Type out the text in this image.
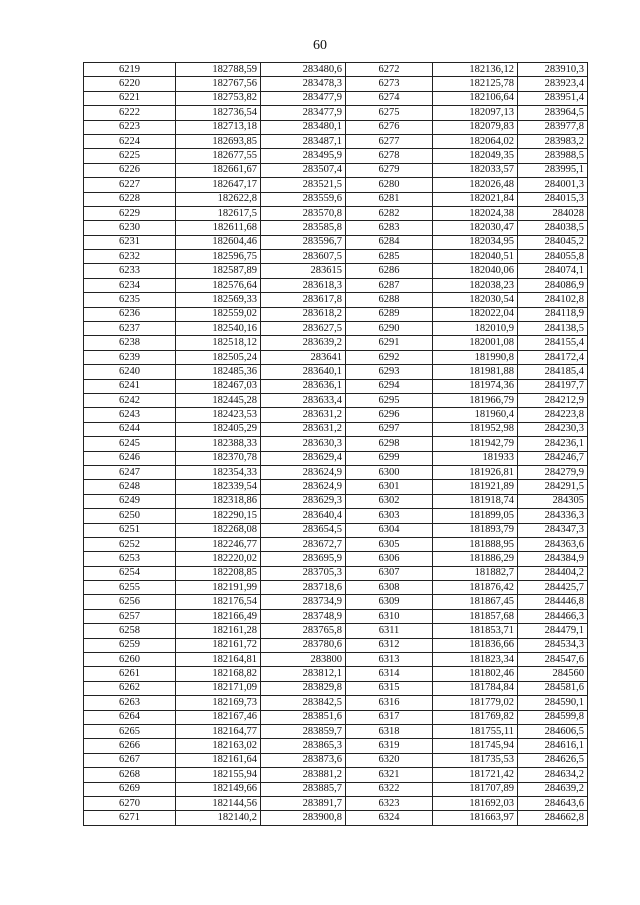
60
6219	182788,59	283480,6	6272	182136,12	283910,3
6220	182767,56	283478,3	6273	182125,78	283923,4
6221	182753,82	283477,9	6274	182106,64	283951,4
6222	182736,54	283477,9	6275	182097,13	283964,5
6223	182713,18	283480,1	6276	182079,83	283977,8
6224	182693,85	283487,1	6277	182064,02	283983,2
6225	182677,55	283495,9	6278	182049,35	283988,5
6226	182661,67	283507,4	6279	182033,57	283995,1
6227	182647,17	283521,5	6280	182026,48	284001,3
6228	182622,8	283559,6	6281	182021,84	284015,3
6229	182617,5	283570,8	6282	182024,38	284028
6230	182611,68	283585,8	6283	182030,47	284038,5
6231	182604,46	283596,7	6284	182034,95	284045,2
6232	182596,75	283607,5	6285	182040,51	284055,8
6233	182587,89	283615	6286	182040,06	284074,1
6234	182576,64	283618,3	6287	182038,23	284086,9
6235	182569,33	283617,8	6288	182030,54	284102,8
6236	182559,02	283618,2	6289	182022,04	284118,9
6237	182540,16	283627,5	6290	182010,9	284138,5
6238	182518,12	283639,2	6291	182001,08	284155,4
6239	182505,24	283641	6292	181990,8	284172,4
6240	182485,36	283640,1	6293	181981,88	284185,4
6241	182467,03	283636,1	6294	181974,36	284197,7
6242	182445,28	283633,4	6295	181966,79	284212,9
6243	182423,53	283631,2	6296	181960,4	284223,8
6244	182405,29	283631,2	6297	181952,98	284230,3
6245	182388,33	283630,3	6298	181942,79	284236,1
6246	182370,78	283629,4	6299	181933	284246,7
6247	182354,33	283624,9	6300	181926,81	284279,9
6248	182339,54	283624,9	6301	181921,89	284291,5
6249	182318,86	283629,3	6302	181918,74	284305
6250	182290,15	283640,4	6303	181899,05	284336,3
6251	182268,08	283654,5	6304	181893,79	284347,3
6252	182246,77	283672,7	6305	181888,95	284363,6
6253	182220,02	283695,9	6306	181886,29	284384,9
6254	182208,85	283705,3	6307	181882,7	284404,2
6255	182191,99	283718,6	6308	181876,42	284425,7
6256	182176,54	283734,9	6309	181867,45	284446,8
6257	182166,49	283748,9	6310	181857,68	284466,3
6258	182161,28	283765,8	6311	181853,71	284479,1
6259	182161,72	283780,6	6312	181836,66	284534,3
6260	182164,81	283800	6313	181823,34	284547,6
6261	182168,82	283812,1	6314	181802,46	284560
6262	182171,09	283829,8	6315	181784,84	284581,6
6263	182169,73	283842,5	6316	181779,02	284590,1
6264	182167,46	283851,6	6317	181769,82	284599,8
6265	182164,77	283859,7	6318	181755,11	284606,5
6266	182163,02	283865,3	6319	181745,94	284616,1
6267	182161,64	283873,6	6320	181735,53	284626,5
6268	182155,94	283881,2	6321	181721,42	284634,2
6269	182149,66	283885,7	6322	181707,89	284639,2
6270	182144,56	283891,7	6323	181692,03	284643,6
6271	182140,2	283900,8	6324	181663,97	284662,8
